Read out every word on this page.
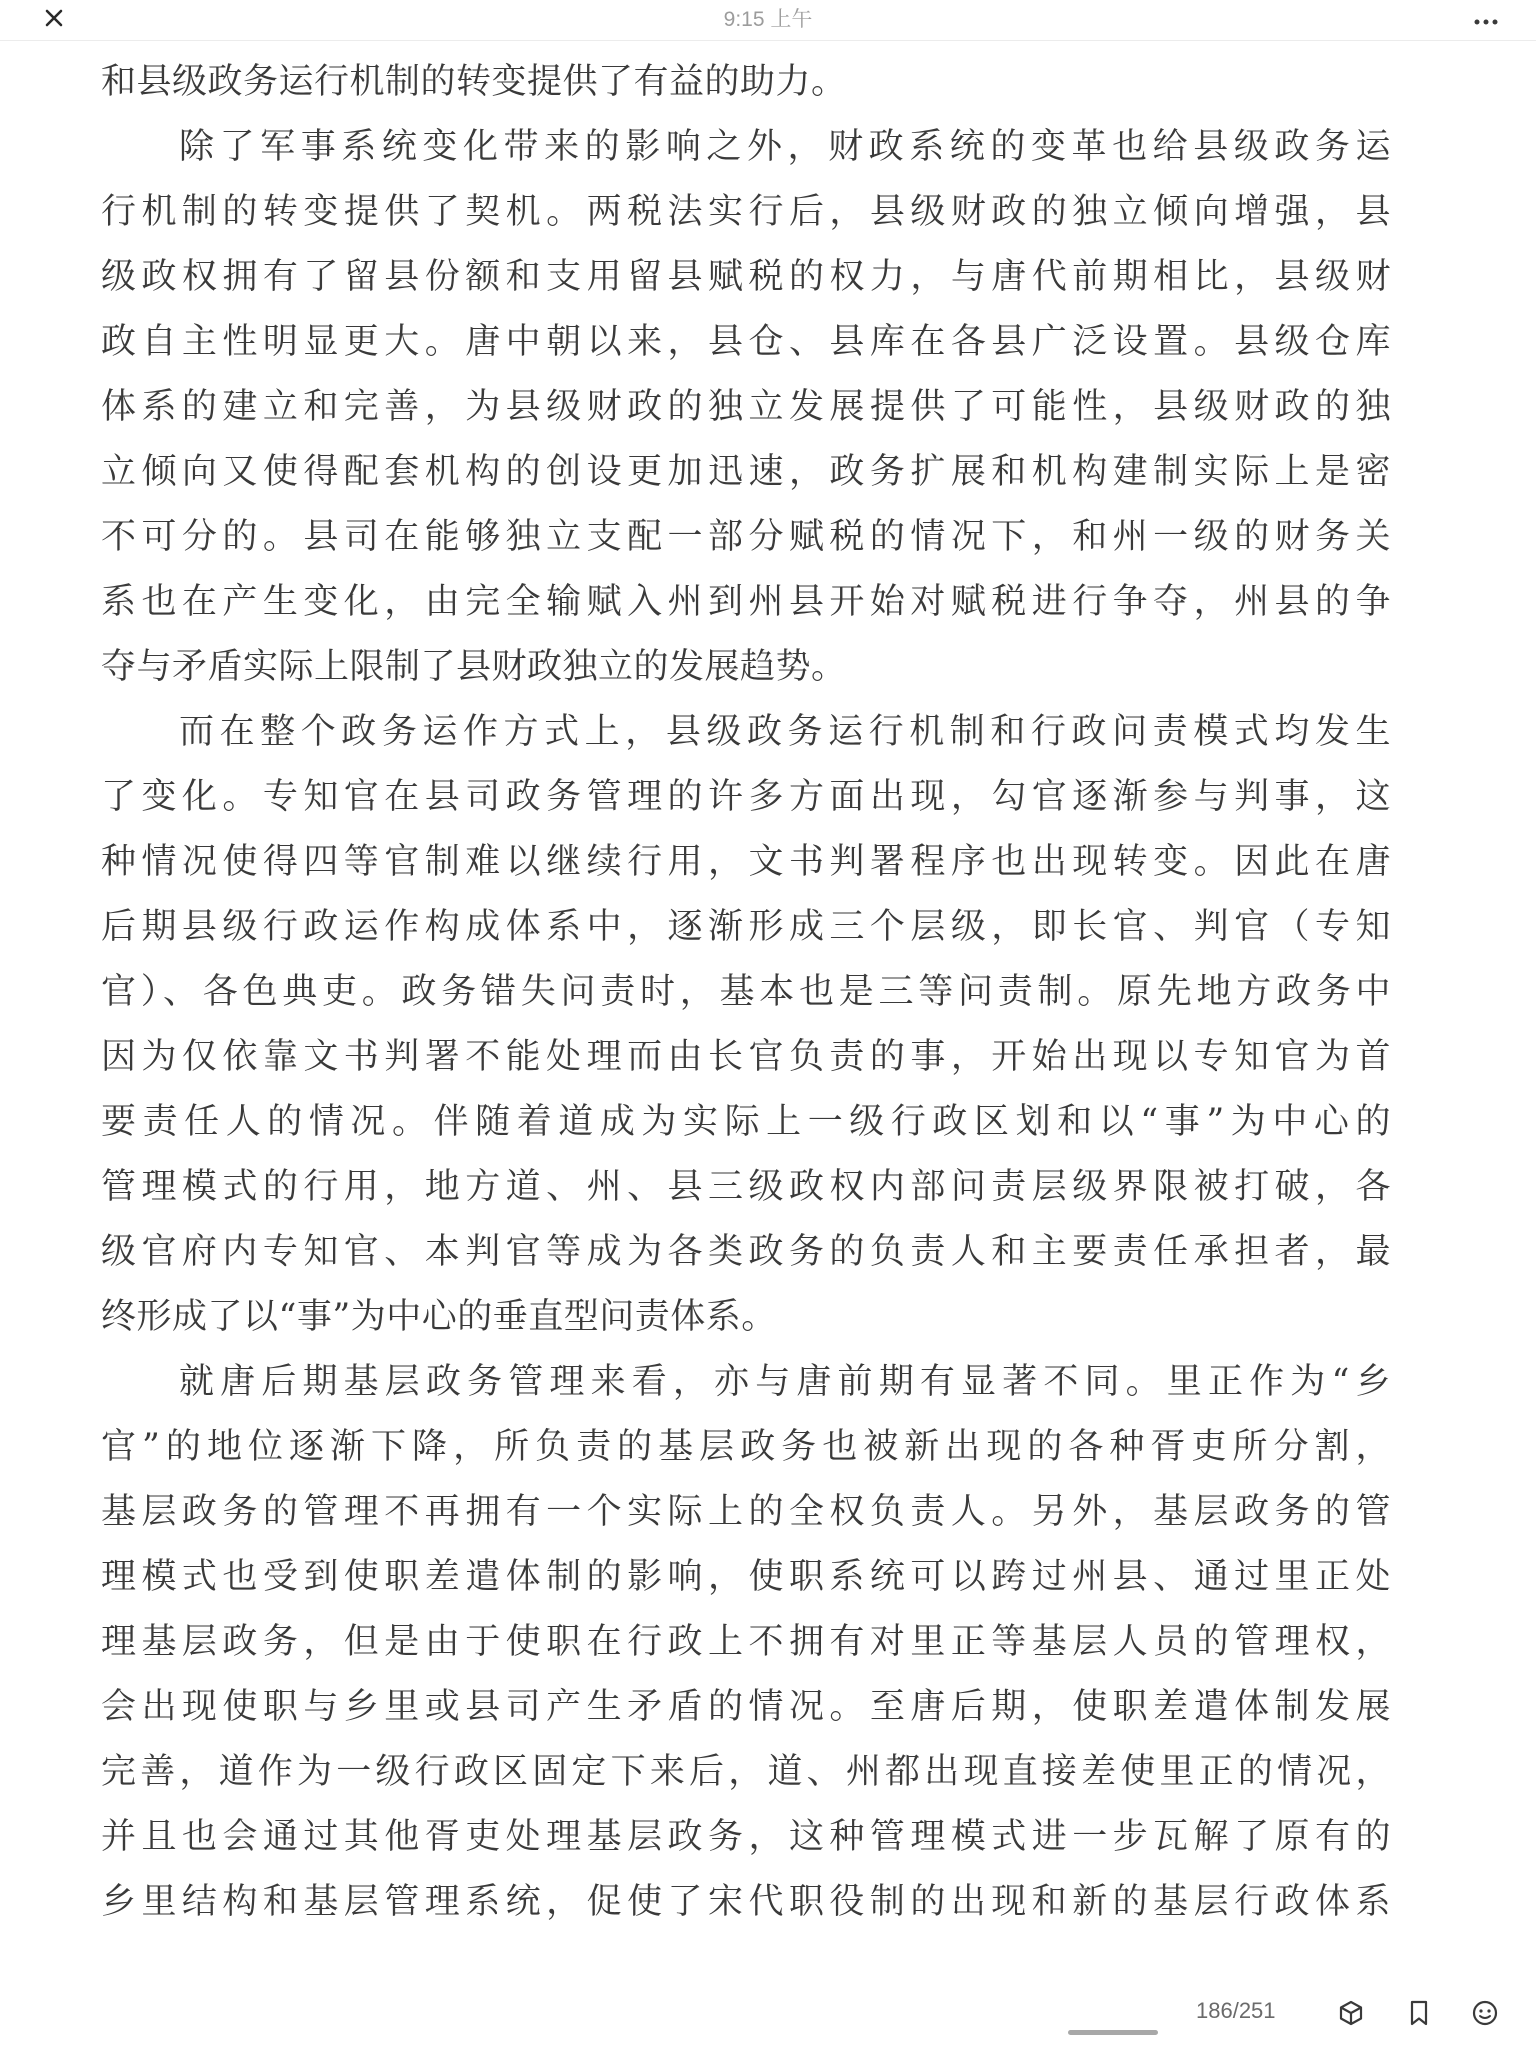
9:15 上午
和县级政务运行机制的转变提供了有益的助力。
除了军事系统变化带来的影响之外，财政系统的变革也给县级政务运
行机制的转变提供了契机。两税法实行后，县级财政的独立倾向增强，县
级政权拥有了留县份额和支用留县赋税的权力，与唐代前期相比，县级财
政自主性明显更大。唐中朝以来，县仓、县库在各县广泛设置。县级仓库
体系的建立和完善，为县级财政的独立发展提供了可能性，县级财政的独
立倾向又使得配套机构的创设更加迅速，政务扩展和机构建制实际上是密
不可分的。县司在能够独立支配一部分赋税的情况下，和州一级的财务关
系也在产生变化，由完全输赋入州到州县开始对赋税进行争夺，州县的争
夺与矛盾实际上限制了县财政独立的发展趋势。
而在整个政务运作方式上，县级政务运行机制和行政问责模式均发生
了变化。专知官在县司政务管理的许多方面出现，勾官逐渐参与判事，这
种情况使得四等官制难以继续行用，文书判署程序也出现转变。因此在唐
后期县级行政运作构成体系中，逐渐形成三个层级，即长官、判官（专知
官）、各色典吏。政务错失问责时，基本也是三等问责制。原先地方政务中
因为仅依靠文书判署不能处理而由长官负责的事，开始出现以专知官为首
要责任人的情况。伴随着道成为实际上一级行政区划和以“事”为中心的
管理模式的行用，地方道、州、县三级政权内部问责层级界限被打破，各
级官府内专知官、本判官等成为各类政务的负责人和主要责任承担者，最
终形成了以“事”为中心的垂直型问责体系。
就唐后期基层政务管理来看，亦与唐前期有显著不同。里正作为“乡
官”的地位逐渐下降，所负责的基层政务也被新出现的各种胥吏所分割，
基层政务的管理不再拥有一个实际上的全权负责人。另外，基层政务的管
理模式也受到使职差遣体制的影响，使职系统可以跨过州县、通过里正处
理基层政务，但是由于使职在行政上不拥有对里正等基层人员的管理权，
会出现使职与乡里或县司产生矛盾的情况。至唐后期，使职差遣体制发展
完善，道作为一级行政区固定下来后，道、州都出现直接差使里正的情况，
并且也会通过其他胥吏处理基层政务，这种管理模式进一步瓦解了原有的
乡里结构和基层管理系统，促使了宋代职役制的出现和新的基层行政体系
186/251
